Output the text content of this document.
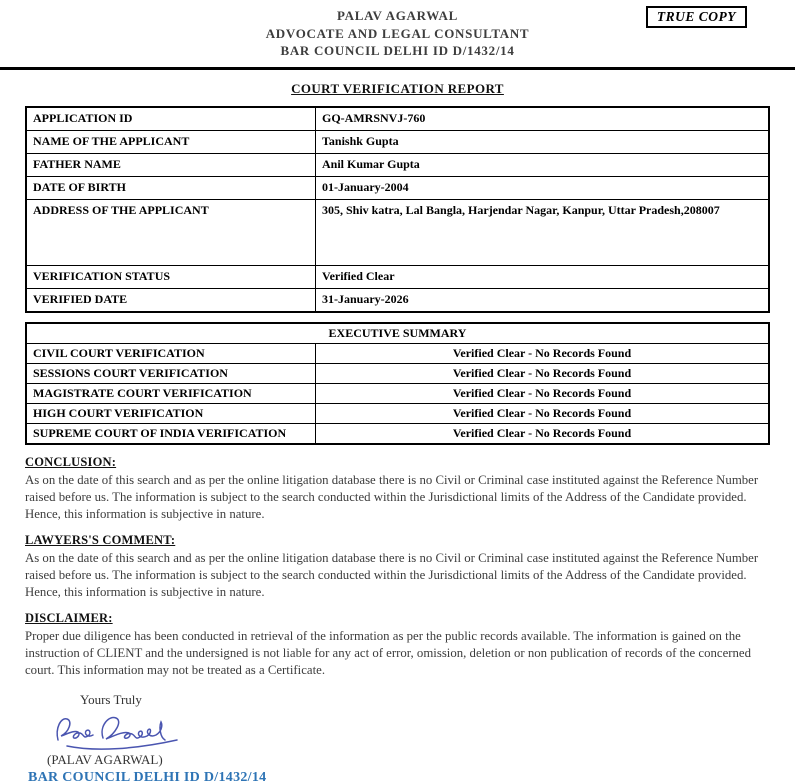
TRUE COPY
PALAV AGARWAL
ADVOCATE AND LEGAL CONSULTANT
BAR COUNCIL DELHI ID D/1432/14
COURT VERIFICATION REPORT
APPLICATION ID	GQ-AMRSNVJ-760
NAME OF THE APPLICANT	Tanishk Gupta
FATHER NAME	Anil Kumar Gupta
DATE OF BIRTH	01-January-2004
ADDRESS OF THE APPLICANT	305, Shiv katra, Lal Bangla, Harjendar Nagar, Kanpur, Uttar Pradesh,208007
VERIFICATION STATUS	Verified Clear
VERIFIED DATE	31-January-2026
EXECUTIVE SUMMARY	
CIVIL COURT VERIFICATION	Verified Clear - No Records Found
SESSIONS COURT VERIFICATION	Verified Clear - No Records Found
MAGISTRATE COURT VERIFICATION	Verified Clear - No Records Found
HIGH COURT VERIFICATION	Verified Clear - No Records Found
SUPREME COURT OF INDIA VERIFICATION	Verified Clear - No Records Found
CONCLUSION:

As on the date of this search and as per the online litigation database there is no Civil or Criminal case instituted against the Reference Number raised before us. The information is subject to the search conducted within the Jurisdictional limits of the Address of the Candidate provided. Hence, this information is subjective in nature.

LAWYERS'S COMMENT:

As on the date of this search and as per the online litigation database there is no Civil or Criminal case instituted against the Reference Number raised before us. The information is subject to the search conducted within the Jurisdictional limits of the Address of the Candidate provided. Hence, this information is subjective in nature.

DISCLAIMER:

Proper due diligence has been conducted in retrieval of the information as per the public records available. The information is gained on the instruction of CLIENT and the undersigned is not liable for any act of error, omission, deletion or non publication of records of the concerned court. This information may not be treated as a Certificate.

Yours Truly
(PALAV AGARWAL)
BAR COUNCIL DELHI ID D/1432/14
